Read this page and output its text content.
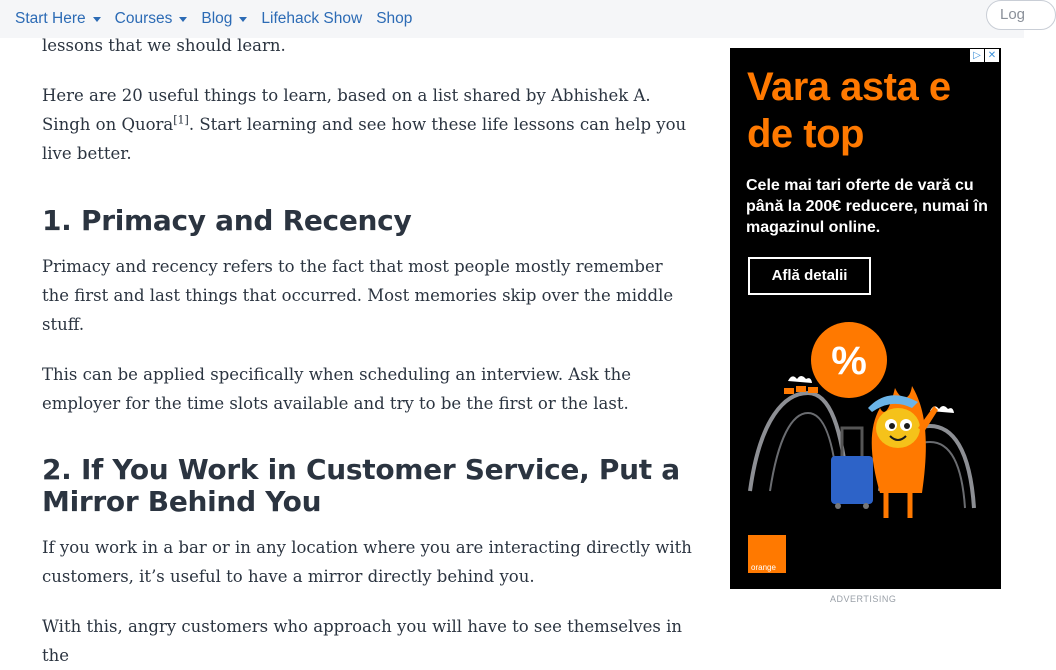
Start Here Courses Blog Lifehack Show Shop	Log

lessons that we should learn.

Here are 20 useful things to learn, based on a list shared by Abhishek A. Singh on Quora[1]. Start learning and see how these life lessons can help you live better.

1. Primacy and Recency

Primacy and recency refers to the fact that most people mostly remember the first and last things that occurred. Most memories skip over the middle stuff.

This can be applied specifically when scheduling an interview. Ask the employer for the time slots available and try to be the first or the last.

2. If You Work in Customer Service, Put a Mirror Behind You

If you work in a bar or in any location where you are interacting directly with customers, it’s useful to have a mirror directly behind you.

With this, angry customers who approach you will have to see themselves in the

▷ ✕
Vara asta e de top
Cele mai tari oferte de vară cu până la 200€ reducere, numai în magazinul online.
Află detalii
%
orange
ADVERTISING
